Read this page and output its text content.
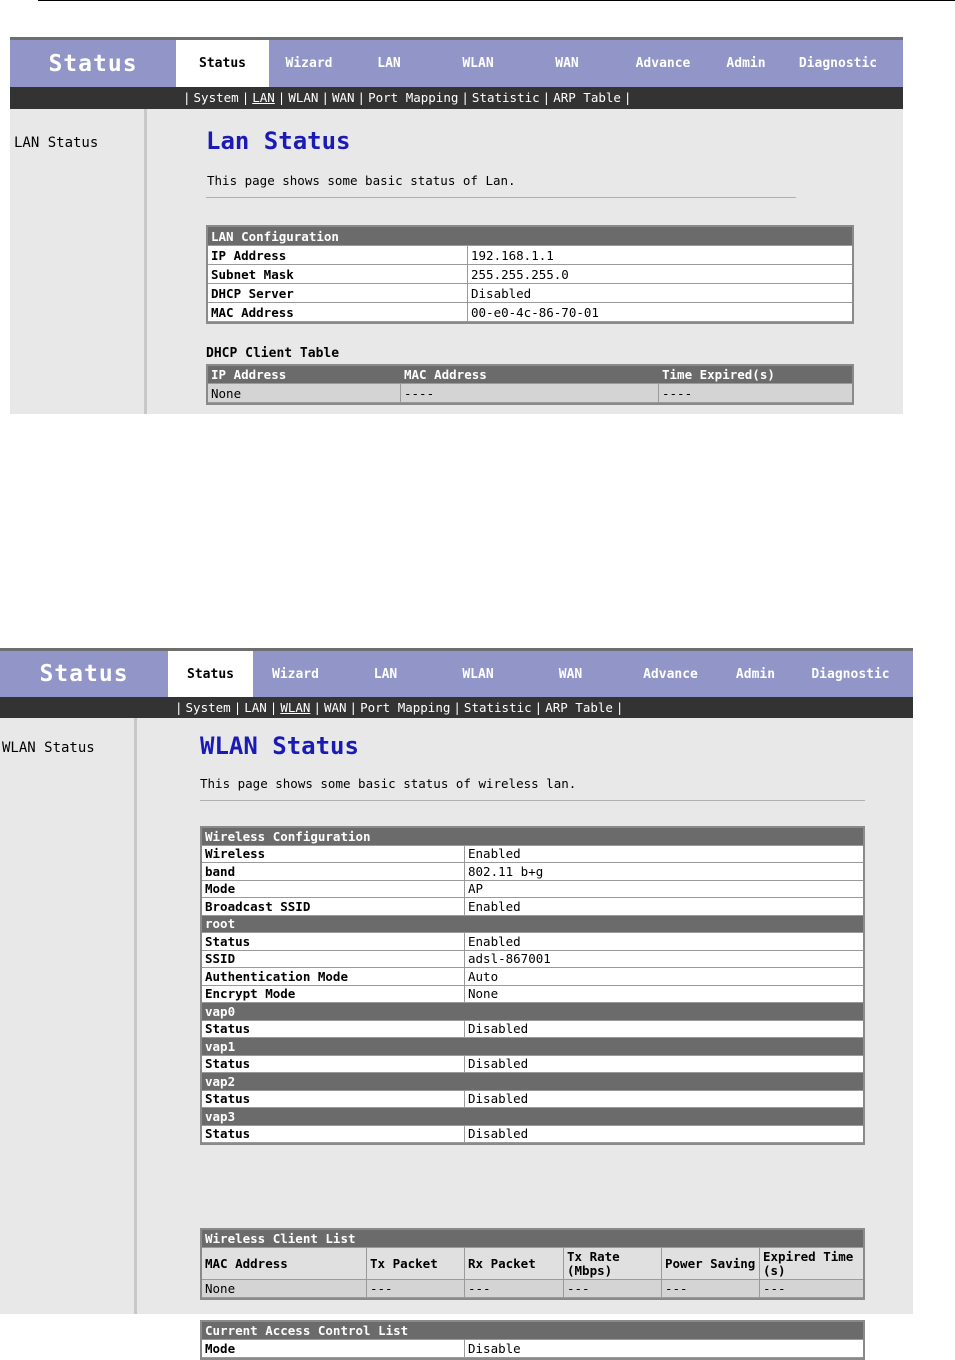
Status	Status	Wizard	LAN	WLAN	WAN	Advance	Admin	Diagnostic
| System | LAN | WLAN | WAN | Port Mapping | Statistic | ARP Table |
LAN Status	Lan Status
This page shows some basic status of Lan.
LAN Configuration	
IP Address	192.168.1.1
Subnet Mask	255.255.255.0
DHCP Server	Disabled
MAC Address	00-e0-4c-86-70-01
DHCP Client Table
IP Address	MAC Address	Time Expired(s)
None	----	----
Status	Status	Wizard	LAN	WLAN	WAN	Advance	Admin	Diagnostic
| System | LAN | WLAN | WAN | Port Mapping | Statistic | ARP Table |
WLAN Status	WLAN Status
This page shows some basic status of wireless lan.
Wireless Configuration	
Wireless	Enabled
band	802.11 b+g
Mode	AP
Broadcast SSID	Enabled
root	
Status	Enabled
SSID	adsl-867001
Authentication Mode	Auto
Encrypt Mode	None
vap0	
Status	Disabled
vap1	
Status	Disabled
vap2	
Status	Disabled
vap3	
Status	Disabled
Wireless Client List					
MAC Address	Tx Packet	Rx Packet	Tx Rate (Mbps)	Power Saving	Expired Time (s)
None	---	---	---	---	---
Current Access Control List
Mode	Disable
